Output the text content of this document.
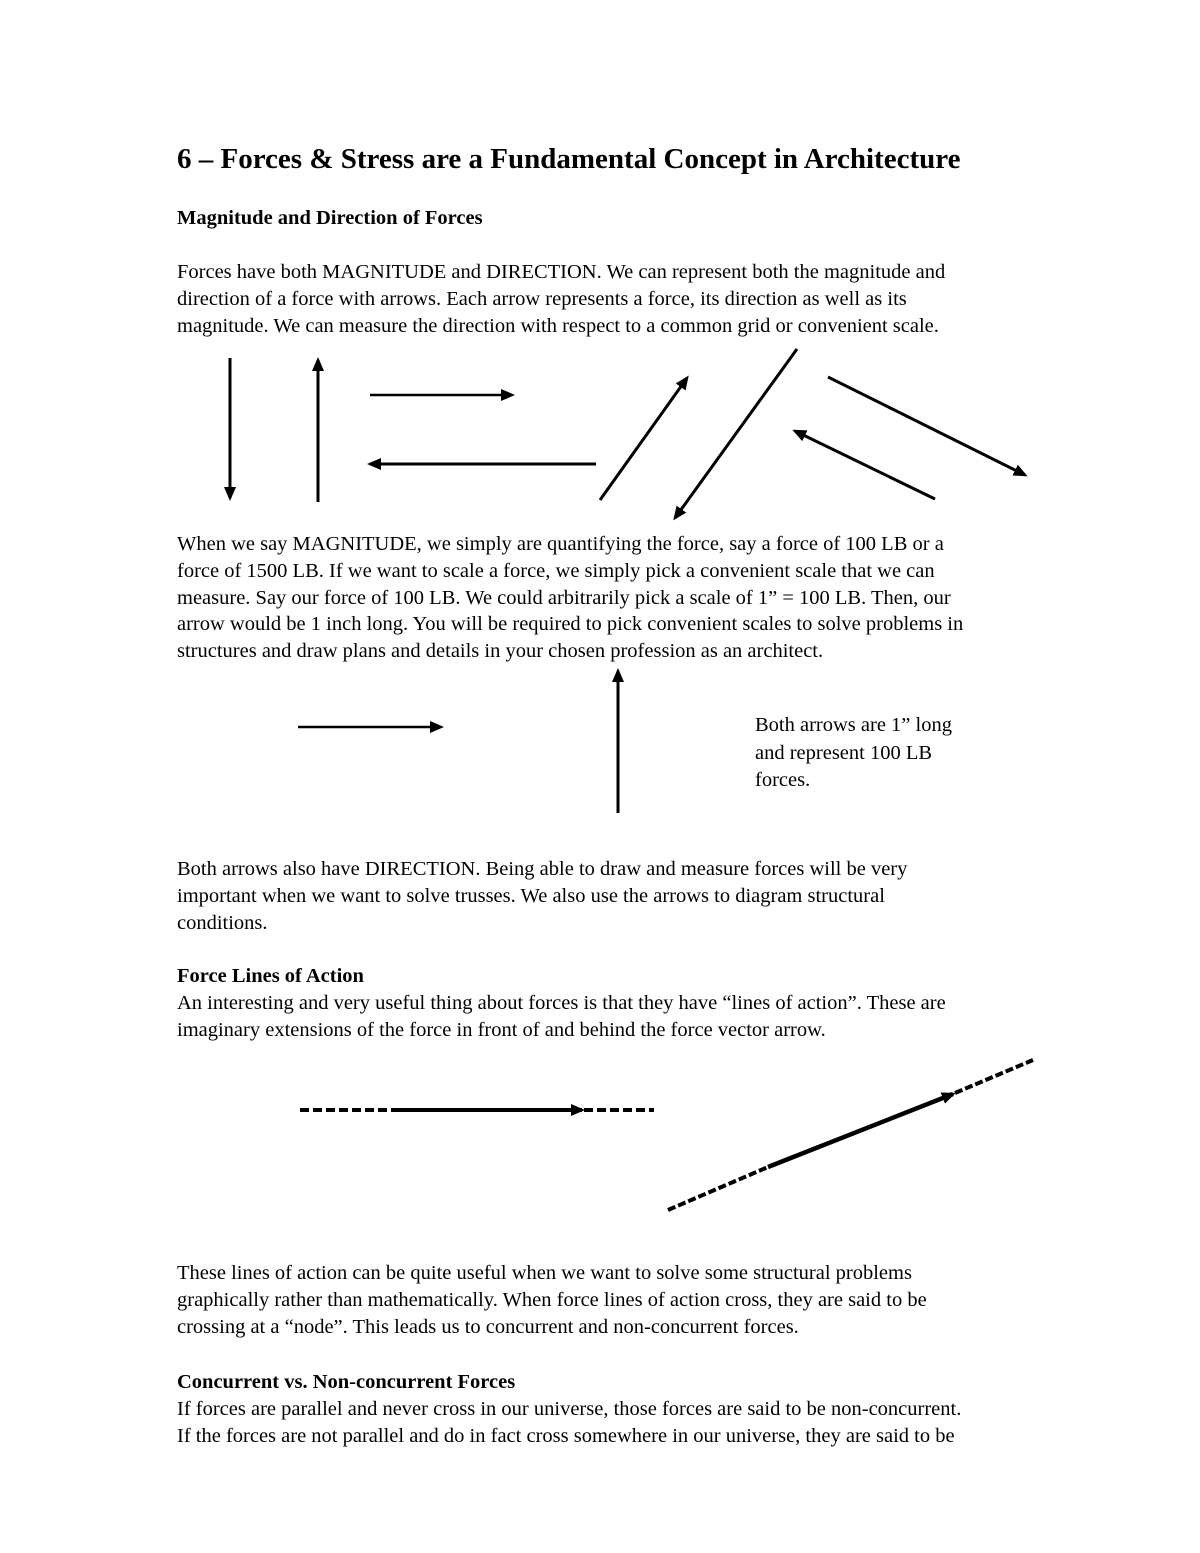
6 – Forces & Stress are a Fundamental Concept in Architecture
Magnitude and Direction of Forces

Forces have both MAGNITUDE and DIRECTION. We can represent both the magnitude and
direction of a force with arrows. Each arrow represents a force, its direction as well as its
magnitude. We can measure the direction with respect to a common grid or convenient scale.

When we say MAGNITUDE, we simply are quantifying the force, say a force of 100 LB or a
force of 1500 LB. If we want to scale a force, we simply pick a convenient scale that we can
measure. Say our force of 100 LB. We could arbitrarily pick a scale of 1” = 100 LB. Then, our
arrow would be 1 inch long. You will be required to pick convenient scales to solve problems in
structures and draw plans and details in your chosen profession as an architect.

Both arrows are 1” long
and represent 100 LB
forces.

Both arrows also have DIRECTION. Being able to draw and measure forces will be very
important when we want to solve trusses. We also use the arrows to diagram structural
conditions.

Force Lines of Action

An interesting and very useful thing about forces is that they have “lines of action”. These are
imaginary extensions of the force in front of and behind the force vector arrow.

These lines of action can be quite useful when we want to solve some structural problems
graphically rather than mathematically. When force lines of action cross, they are said to be
crossing at a “node”. This leads us to concurrent and non-concurrent forces.

Concurrent vs. Non-concurrent Forces

If forces are parallel and never cross in our universe, those forces are said to be non-concurrent.
If the forces are not parallel and do in fact cross somewhere in our universe, they are said to be
